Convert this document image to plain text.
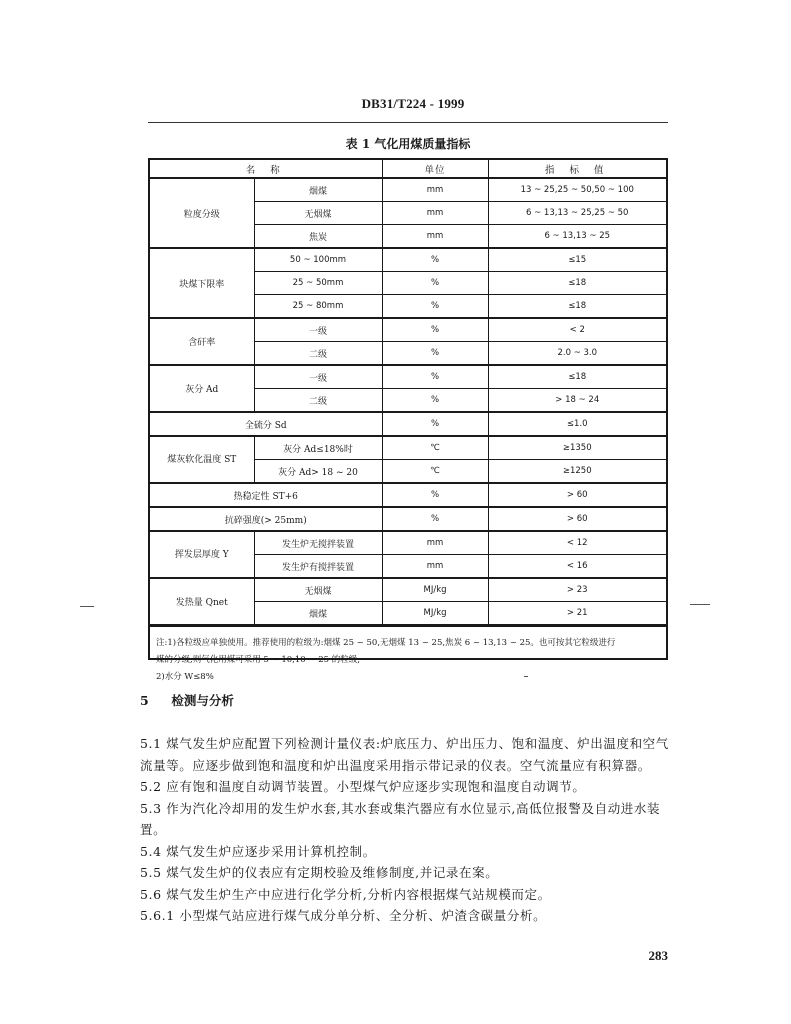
DB31/T224 - 1999
表 1 气化用煤质量指标
名 称		单位	指 标 值
粒度分级	烟煤	mm	13 ~ 25,25 ~ 50,50 ~ 100
	无烟煤	mm	6 ~ 13,13 ~ 25,25 ~ 50
	焦炭	mm	6 ~ 13,13 ~ 25
块煤下限率	50 ~ 100mm	%	≤15
	25 ~ 50mm	%	≤18
	25 ~ 80mm	%	≤18
含矸率	一级	%	< 2
	二级	%	2.0 ~ 3.0
灰分 Ad	一级	%	≤18
	二级	%	> 18 ~ 24
全硫分 Sd		%	≤1.0
煤灰软化温度 ST	灰分 Ad≤18%时	℃	≥1350
	灰分 Ad> 18 ~ 20	℃	≥1250
热稳定性 ST+6		%	> 60
抗碎强度(> 25mm)		%	> 60
挥发层厚度 Y	发生炉无搅拌装置	mm	< 12
	发生炉有搅拌装置	mm	< 16
发热量 Qnet	无烟煤	MJ/kg	> 23
	烟煤	MJ/kg	> 21
注:1)各粒级应单独使用。推荐使用的粒级为:烟煤 25 ~ 50,无烟煤 13 ~ 25,焦炭 6 ~ 13,13 ~ 25。也可按其它粒级进行
煤的分级,则气化用煤可采用 5 ~ 10,10 ~ 25 的粒级;
2)水分 W≤8%
5 检测与分析

5.1 煤气发生炉应配置下列检测计量仪表:炉底压力、炉出压力、饱和温度、炉出温度和空气流量等。应逐步做到饱和温度和炉出温度采用指示带记录的仪表。空气流量应有积算器。

5.2 应有饱和温度自动调节装置。小型煤气炉应逐步实现饱和温度自动调节。

5.3 作为汽化冷却用的发生炉水套,其水套或集汽器应有水位显示,高低位报警及自动进水装置。

5.4 煤气发生炉应逐步采用计算机控制。

5.5 煤气发生炉的仪表应有定期校验及维修制度,并记录在案。

5.6 煤气发生炉生产中应进行化学分析,分析内容根据煤气站规模而定。

5.6.1 小型煤气站应进行煤气成分单分析、全分析、炉渣含碳量分析。

283
